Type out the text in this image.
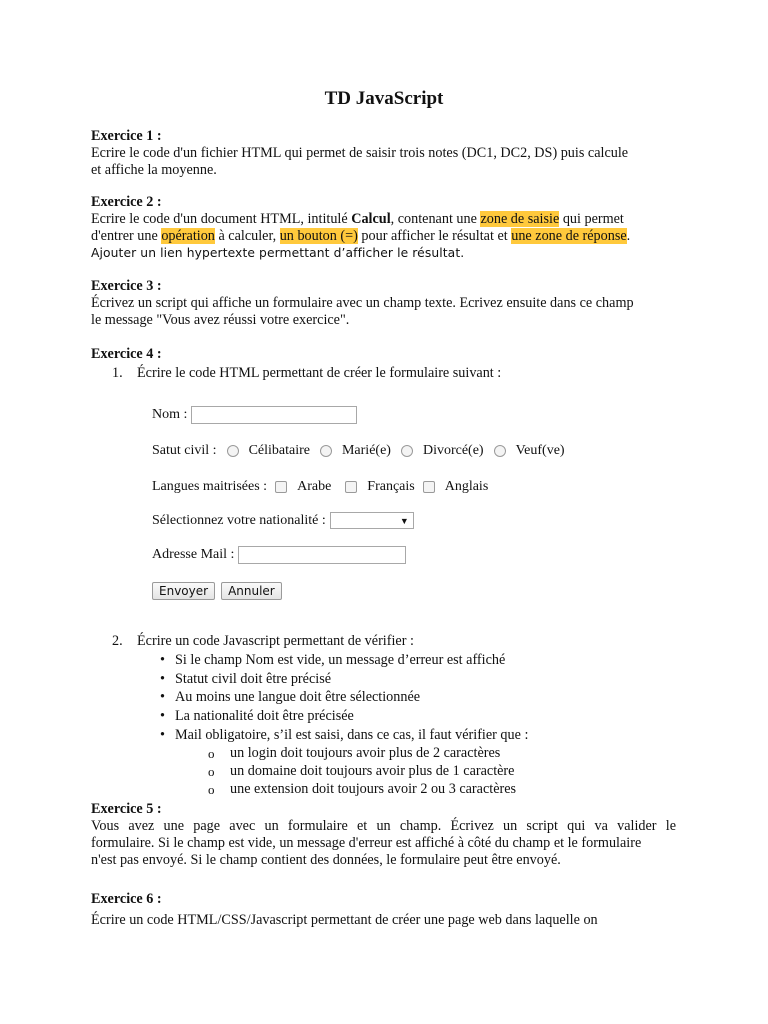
TD JavaScript
Exercice 1 :
Ecrire le code d'un fichier HTML qui permet de saisir trois notes (DC1, DC2, DS) puis calcule
et affiche la moyenne.
Exercice 2 :
Ecrire le code d'un document HTML, intitulé Calcul, contenant une zone de saisie qui permet
d'entrer une opération à calculer, un bouton (=) pour afficher le résultat et une zone de réponse.
Ajouter un lien hypertexte permettant d’afficher le résultat.
Exercice 3 :
Écrivez un script qui affiche un formulaire avec un champ texte. Ecrivez ensuite dans ce champ
le message "Vous avez réussi votre exercice".
Exercice 4 :
1. Écrire le code HTML permettant de créer le formulaire suivant :
Nom :
Satut civil : Célibataire Marié(e) Divorcé(e) Veuf(ve)
Langues maitrisées : Arabe	Français Anglais
Sélectionnez votre nationalité :	▼
Adresse Mail :
Envoyer	Annuler
2. Écrire un code Javascript permettant de vérifier :
• Si le champ Nom est vide, un message d’erreur est affiché
• Statut civil doit être précisé
• Au moins une langue doit être sélectionnée
• La nationalité doit être précisée
• Mail obligatoire, s’il est saisi, dans ce cas, il faut vérifier que :
o un login doit toujours avoir plus de 2 caractères
o un domaine doit toujours avoir plus de 1 caractère
o une extension doit toujours avoir 2 ou 3 caractères
Exercice 5 :
Vous avez une page avec un formulaire et un champ. Écrivez un script qui va valider le
formulaire. Si le champ est vide, un message d'erreur est affiché à côté du champ et le formulaire
n'est pas envoyé. Si le champ contient des données, le formulaire peut être envoyé.
Exercice 6 :
Écrire un code HTML/CSS/Javascript permettant de créer une page web dans laquelle on
